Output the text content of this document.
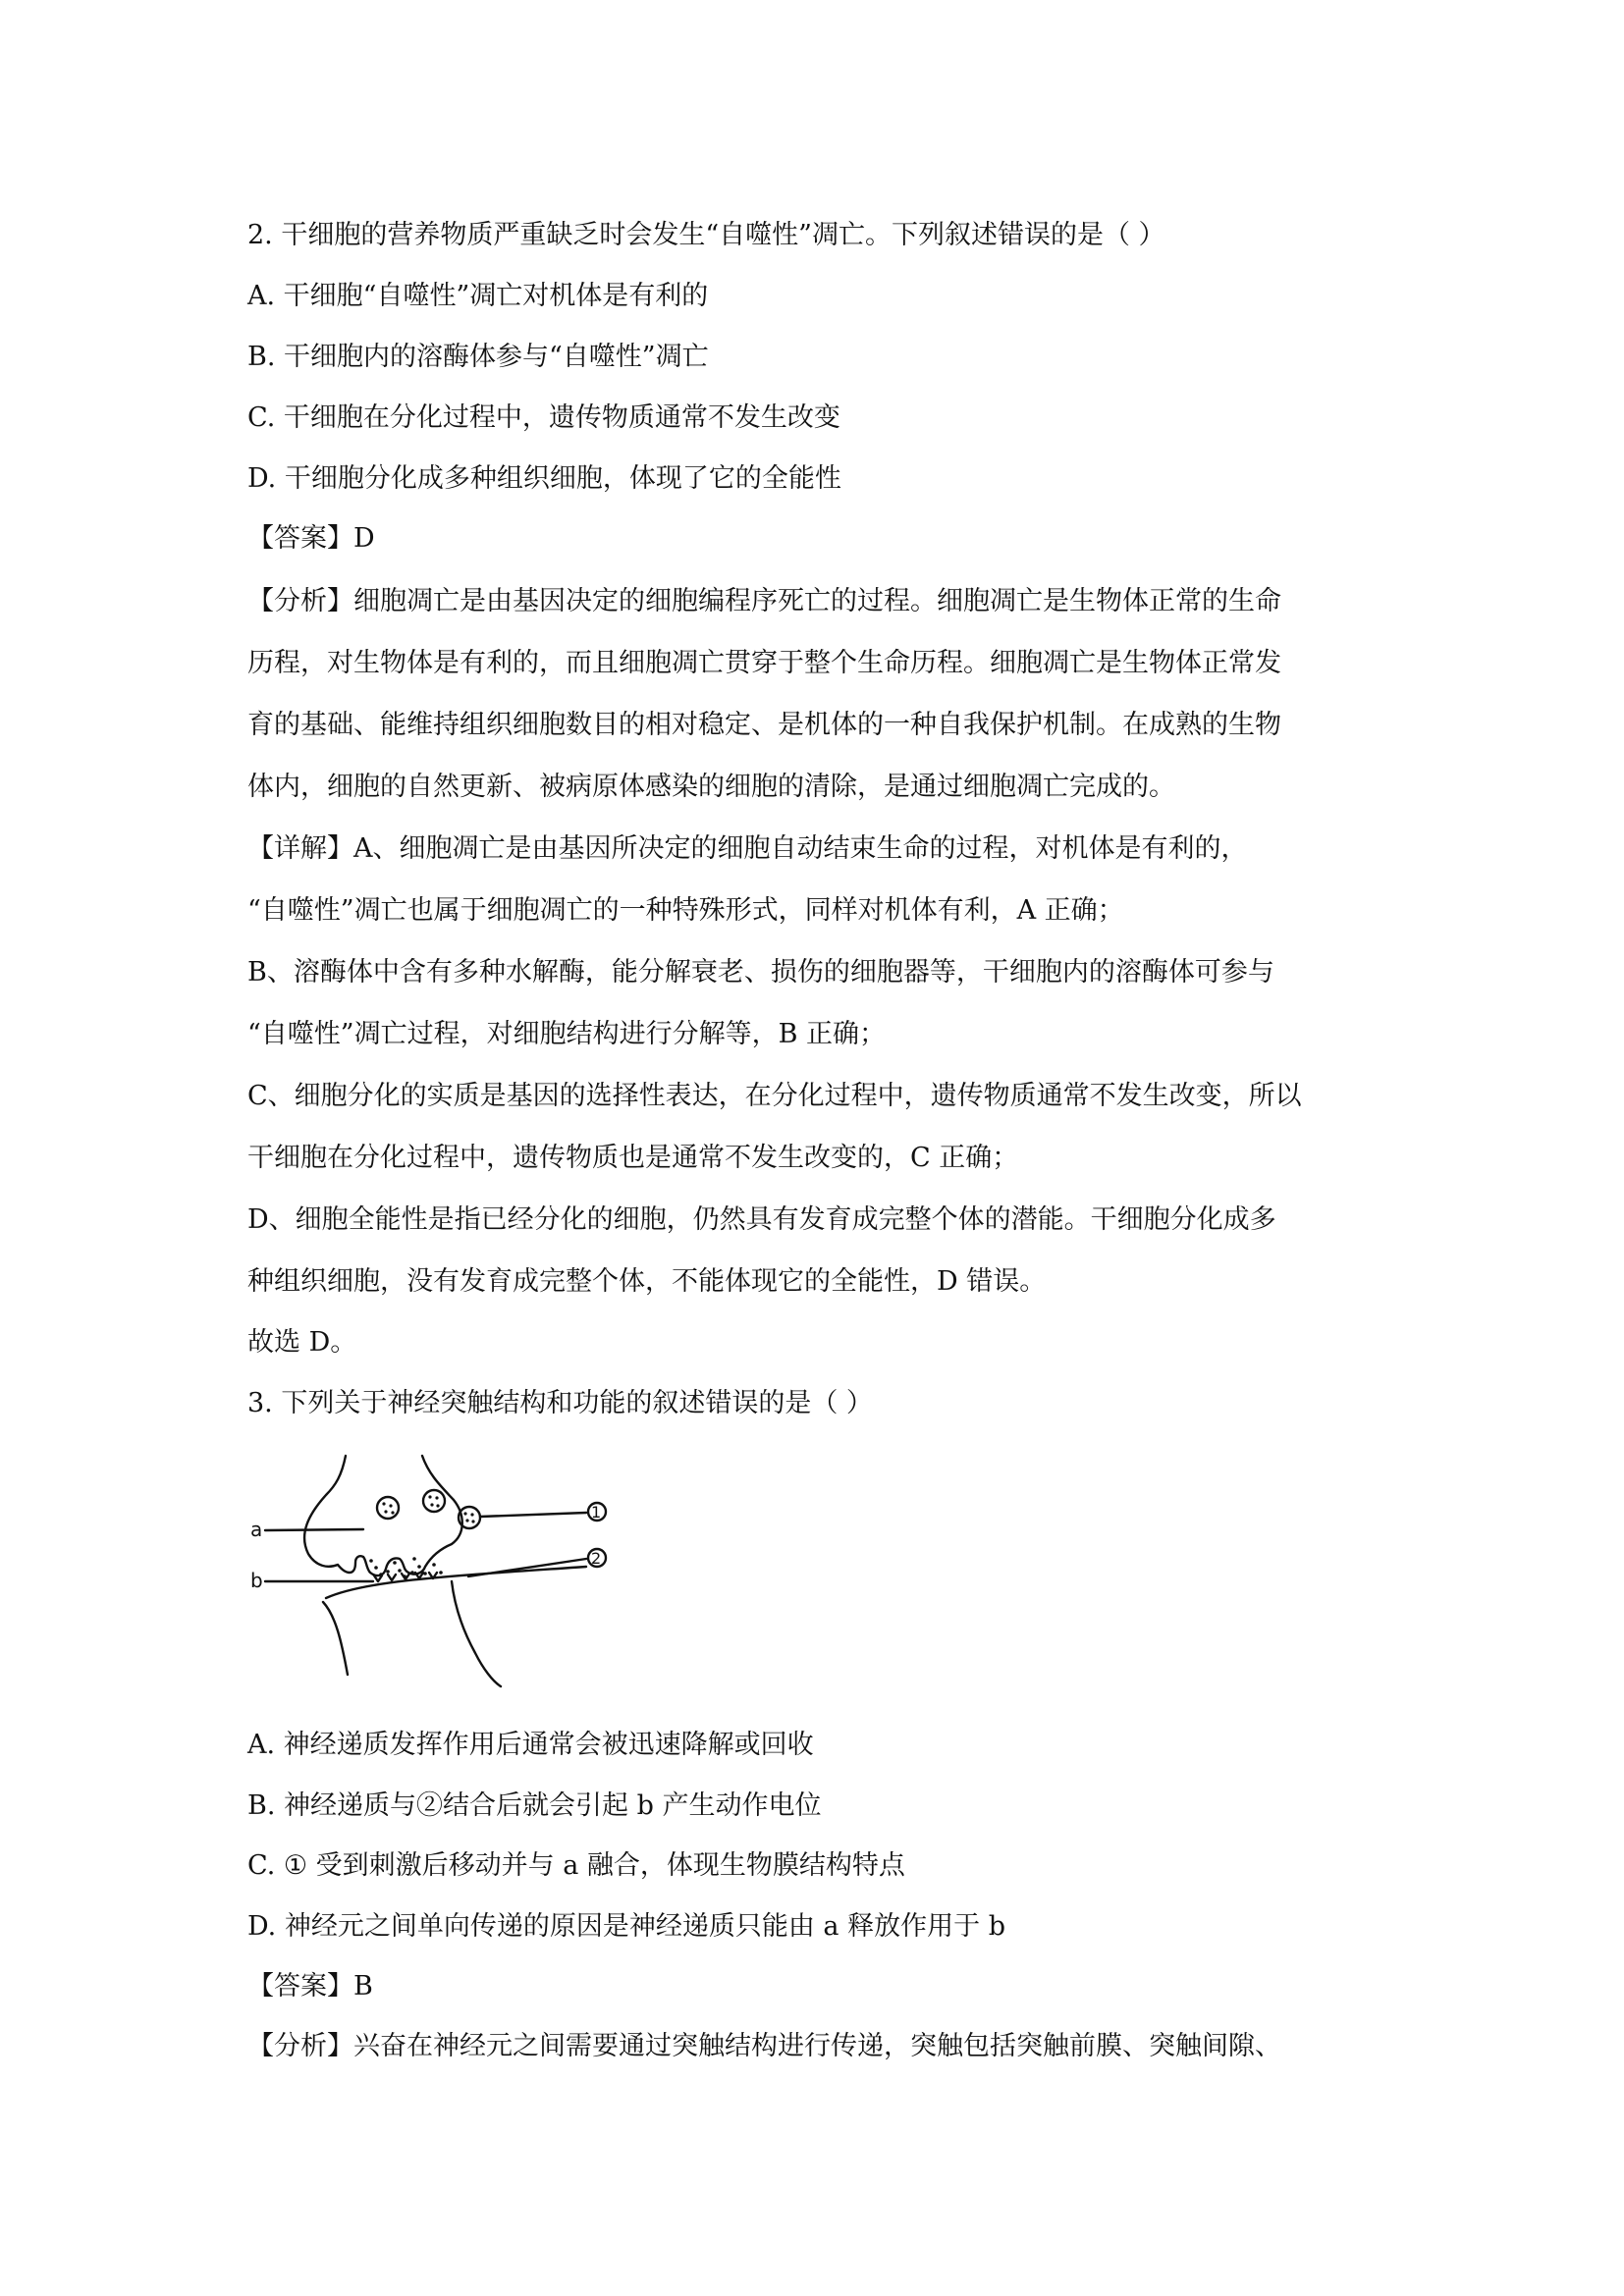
2. 干细胞的营养物质严重缺乏时会发生“自噬性”凋亡。下列叙述错误的是（ ）
A. 干细胞“自噬性”凋亡对机体是有利的
B. 干细胞内的溶酶体参与“自噬性”凋亡
C. 干细胞在分化过程中，遗传物质通常不发生改变
D. 干细胞分化成多种组织细胞，体现了它的全能性
【答案】D
【分析】细胞凋亡是由基因决定的细胞编程序死亡的过程。细胞凋亡是生物体正常的生命
历程，对生物体是有利的，而且细胞凋亡贯穿于整个生命历程。细胞凋亡是生物体正常发
育的基础、能维持组织细胞数目的相对稳定、是机体的一种自我保护机制。在成熟的生物
体内，细胞的自然更新、被病原体感染的细胞的清除，是通过细胞凋亡完成的。
【详解】A、细胞凋亡是由基因所决定的细胞自动结束生命的过程，对机体是有利的，
“自噬性”凋亡也属于细胞凋亡的一种特殊形式，同样对机体有利，A 正确；
B、溶酶体中含有多种水解酶，能分解衰老、损伤的细胞器等，干细胞内的溶酶体可参与
“自噬性”凋亡过程，对细胞结构进行分解等，B 正确；
C、细胞分化的实质是基因的选择性表达，在分化过程中，遗传物质通常不发生改变，所以
干细胞在分化过程中，遗传物质也是通常不发生改变的，C 正确；
D、细胞全能性是指已经分化的细胞，仍然具有发育成完整个体的潜能。干细胞分化成多
种组织细胞，没有发育成完整个体，不能体现它的全能性，D 错误。
故选 D。
3. 下列关于神经突触结构和功能的叙述错误的是（ ）
a
b
1
2
A. 神经递质发挥作用后通常会被迅速降解或回收
B. 神经递质与②结合后就会引起 b 产生动作电位
C. ① 受到刺激后移动并与 a 融合，体现生物膜结构特点
D. 神经元之间单向传递的原因是神经递质只能由 a 释放作用于 b
【答案】B
【分析】兴奋在神经元之间需要通过突触结构进行传递，突触包括突触前膜、突触间隙、
